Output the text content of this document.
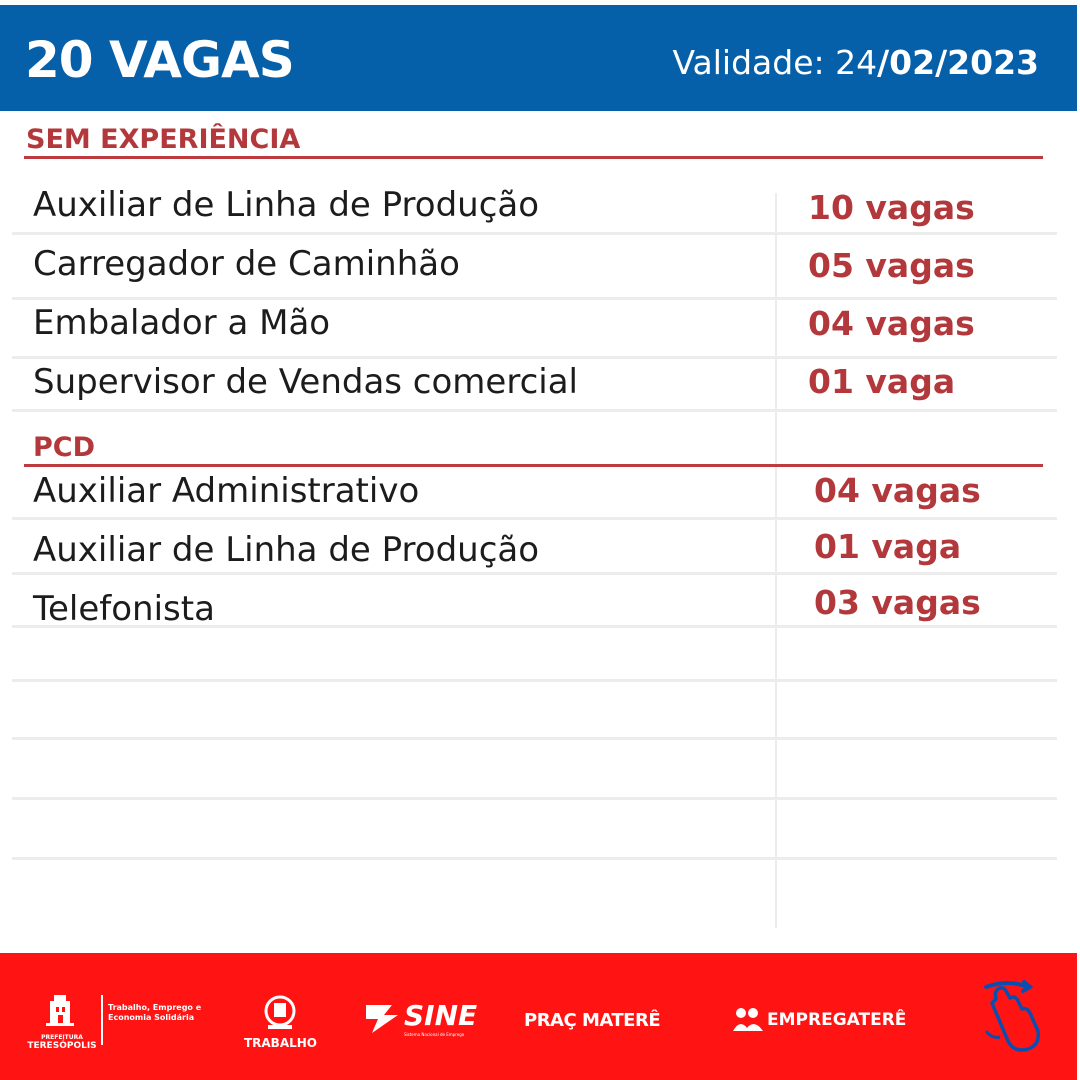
20 VAGAS	Validade: 24/02/2023
SEM EXPERIÊNCIA
Auxiliar de Linha de Produção	10 vagas
Carregador de Caminhão	05 vagas
Embalador a Mão	04 vagas
Supervisor de Vendas comercial	01 vaga
PCD
Auxiliar Administrativo	04 vagas
Auxiliar de Linha de Produção	01 vaga
Telefonista	03 vagas
PREFEITURA
TERESÓPOLIS
Trabalho, Emprego e Economia Solidária
TRABALHO
SINE
Sistema Nacional de Emprego
PRAÇ MATERÊ	EMPREGATERÊ
